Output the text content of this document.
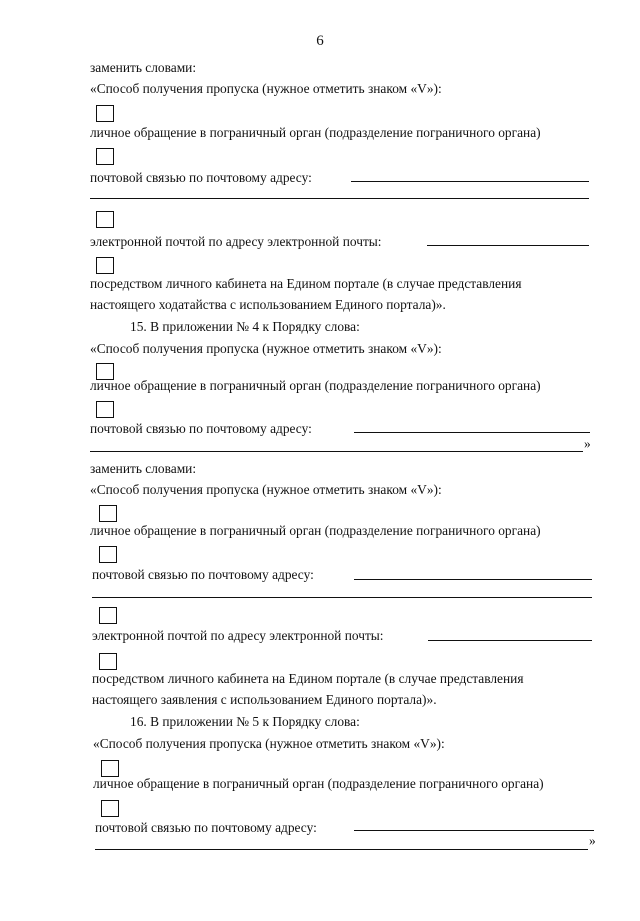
6
заменить словами:
«Способ получения пропуска (нужное отметить знаком «V»):
личное обращение в пограничный орган (подразделение пограничного органа)
почтовой связью по почтовому адресу:
электронной почтой по адресу электронной почты:
посредством личного кабинета на Едином портале (в случае представления
настоящего ходатайства с использованием Единого портала)».
15. В приложении № 4 к Порядку слова:
«Способ получения пропуска (нужное отметить знаком «V»):
личное обращение в пограничный орган (подразделение пограничного органа)
почтовой связью по почтовому адресу:
»
заменить словами:
«Способ получения пропуска (нужное отметить знаком «V»):
личное обращение в пограничный орган (подразделение пограничного органа)
почтовой связью по почтовому адресу:
электронной почтой по адресу электронной почты:
посредством личного кабинета на Едином портале (в случае представления
настоящего заявления с использованием Единого портала)».
16. В приложении № 5 к Порядку слова:
«Способ получения пропуска (нужное отметить знаком «V»):
личное обращение в пограничный орган (подразделение пограничного органа)
почтовой связью по почтовому адресу:
»
